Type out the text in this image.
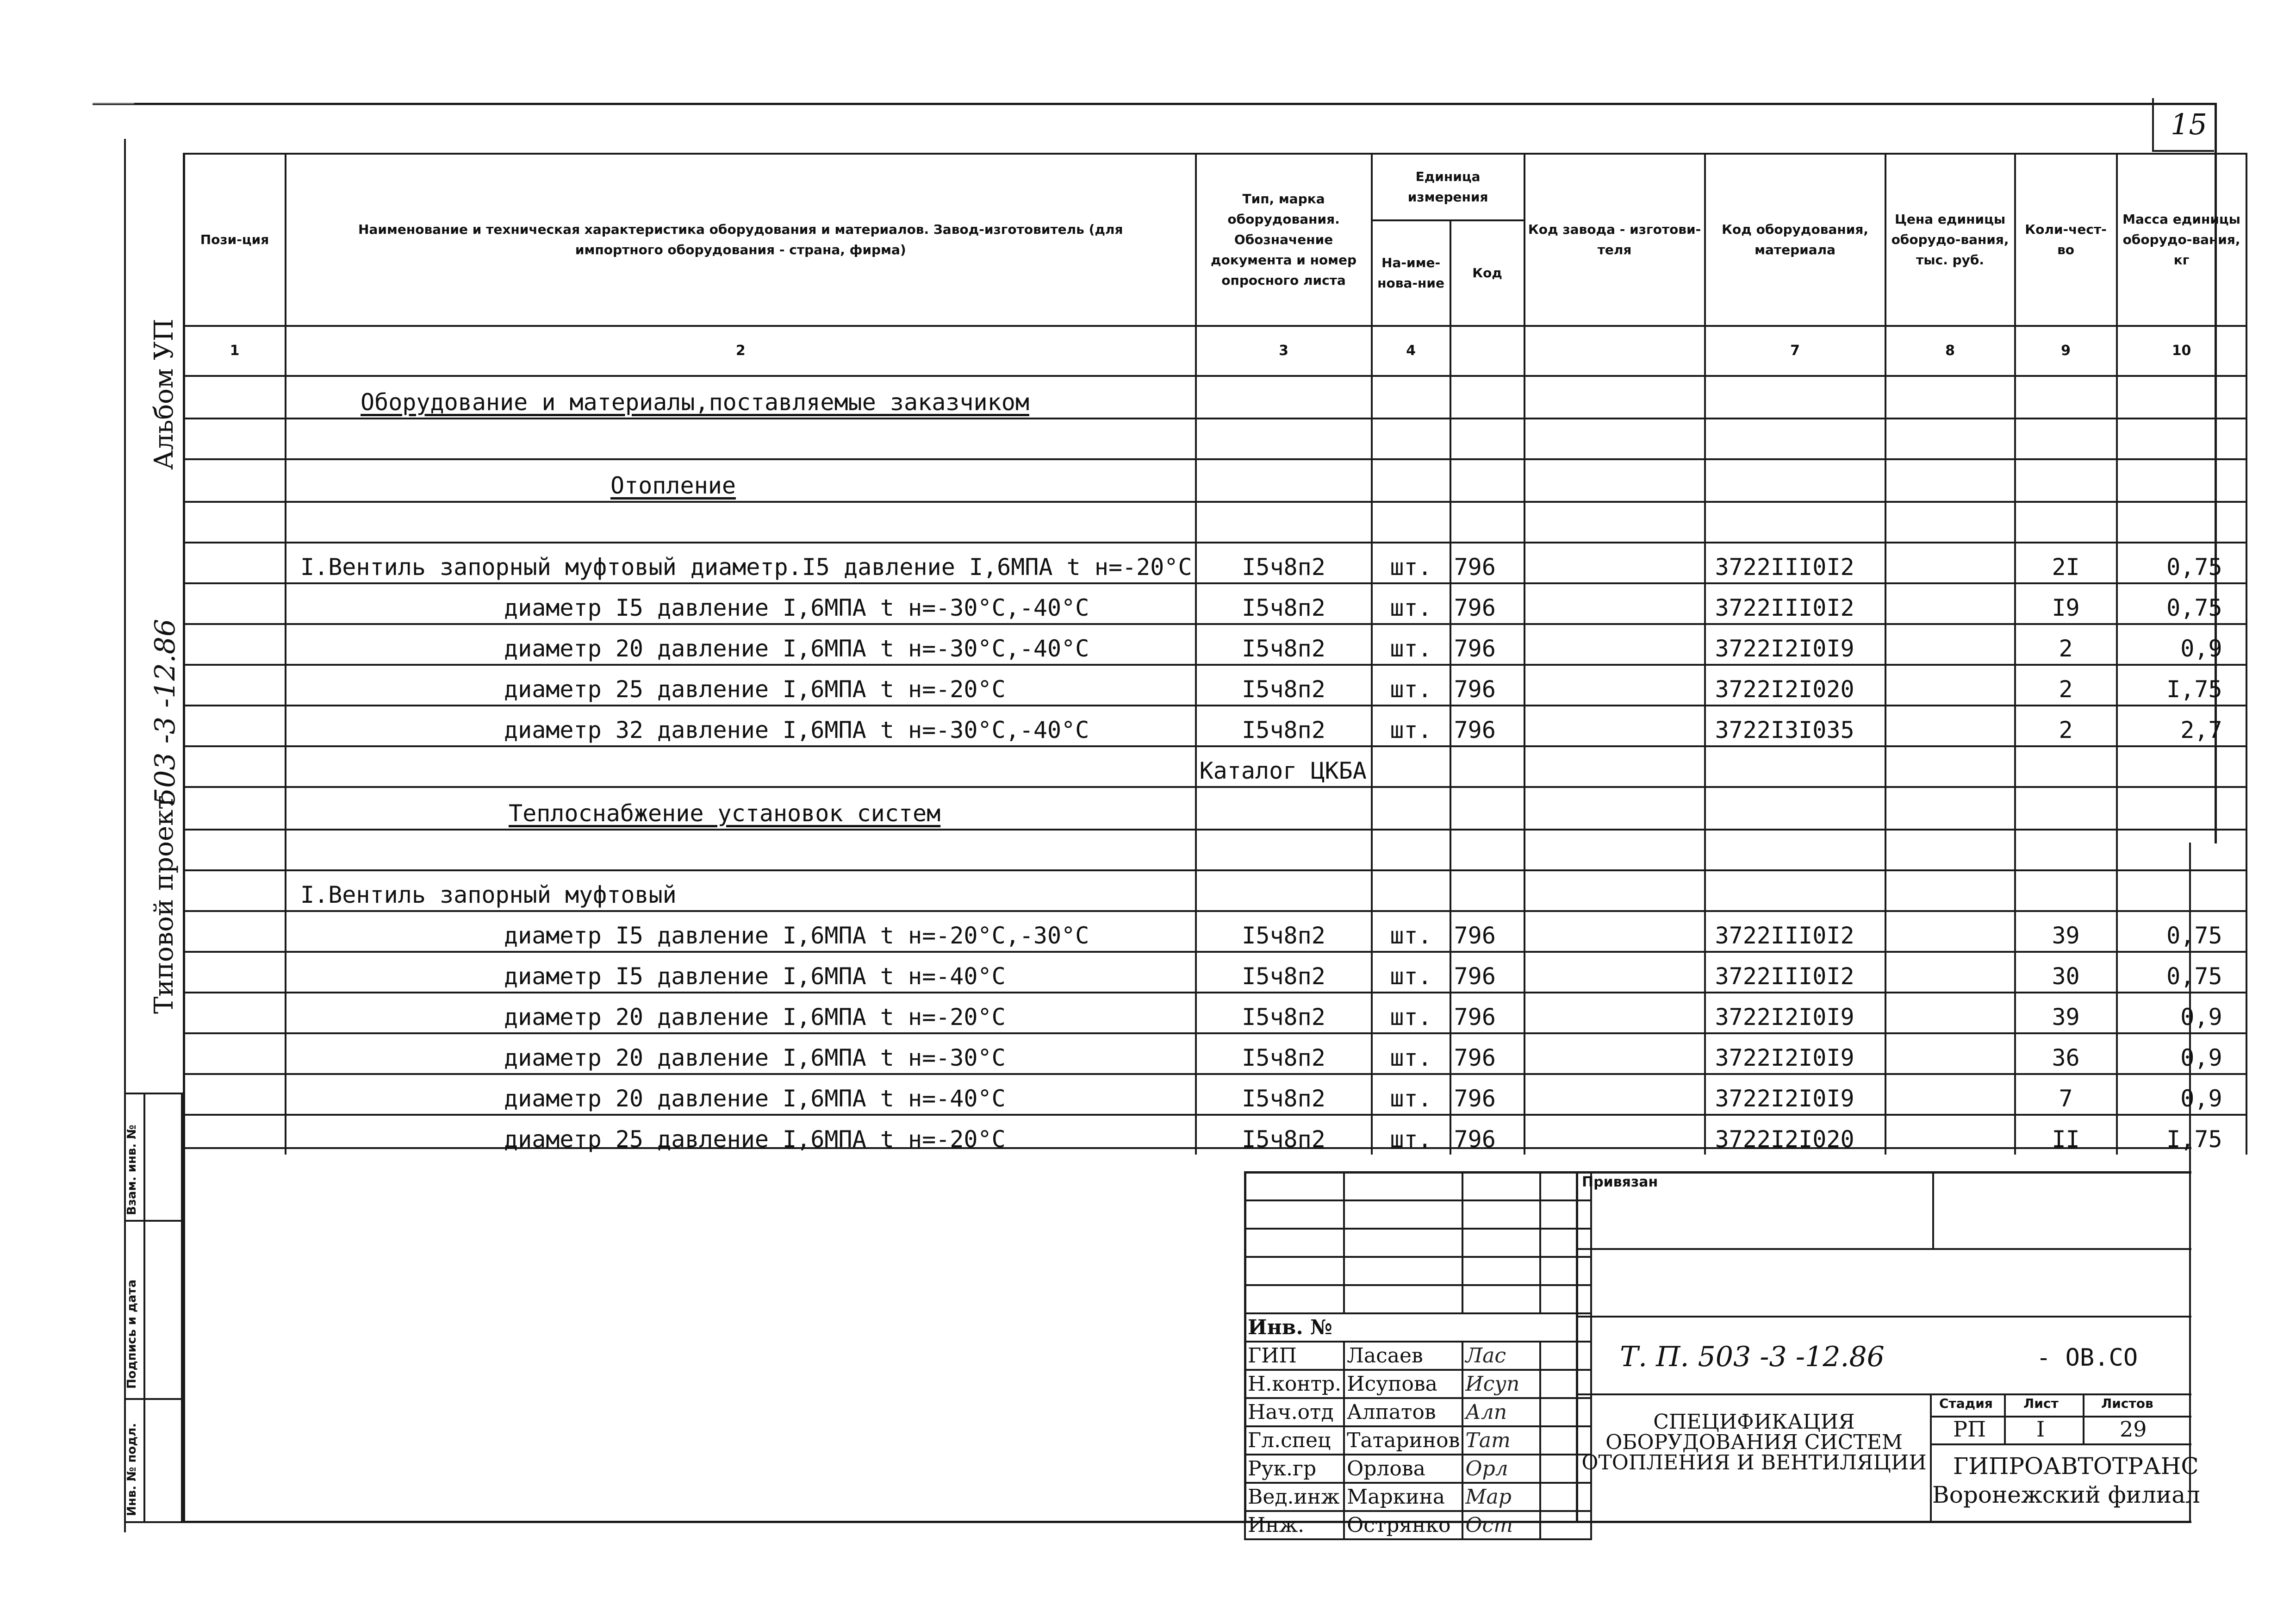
15
Альбом УП
Типовой проект
503 -3 -12.86
Инв. № подл.
Подпись и дата
Взам. инв. №
Пози-ция	Наименование и техническая характеристика оборудования и материалов. Завод-изготовитель (для импортного оборудования - страна, фирма)	Тип, марка оборудования. Обозначение документа и номер опросного листа	Единица измерения		Код завода - изготови-теля	Код оборудования, материала	Цена единицы оборудо-вания, тыс. руб.	Коли-чест-во	Масса единицы оборудо-вания, кг
			На-име-нова-ние	Код					
1	2	3	4			7	8	9	10
	Оборудование и материалы,поставляемые заказчиком								

	Отопление								

	I.Вентиль запорный муфтовый диаметр.I5 давление I,6МПА t н=-20°С	I5ч8п2	шт.	796		3722III0I2		2I	0,75
	диаметр I5 давление I,6МПА t н=-30°С,-40°С	I5ч8п2	шт.	796		3722III0I2		I9	0,75
	диаметр 20 давление I,6МПА t н=-30°С,-40°С	I5ч8п2	шт.	796		3722I2I0I9		2	0,9
	диаметр 25 давление I,6МПА t н=-20°С	I5ч8п2	шт.	796		3722I2I020		2	I,75
	диаметр 32 давление I,6МПА t н=-30°С,-40°С	I5ч8п2	шт.	796		3722I3I035		2	2,7
		Каталог ЦКБА							
	Теплоснабжение установок систем								

	I.Вентиль запорный муфтовый								
	диаметр I5 давление I,6МПА t н=-20°С,-30°С	I5ч8п2	шт.	796		3722III0I2		39	0,75
	диаметр I5 давление I,6МПА t н=-40°С	I5ч8п2	шт.	796		3722III0I2		30	0,75
	диаметр 20 давление I,6МПА t н=-20°С	I5ч8п2	шт.	796		3722I2I0I9		39	0,9
	диаметр 20 давление I,6МПА t н=-30°С	I5ч8п2	шт.	796		3722I2I0I9		36	0,9
	диаметр 20 давление I,6МПА t н=-40°С	I5ч8п2	шт.	796		3722I2I0I9		7	0,9
	диаметр 25 давление I,6МПА t н=-20°С	I5ч8п2	шт.	796		3722I2I020		II	I,75

Инв. №			
ГИП	Ласаев	Лас	
Н.контр.	Исупова	Исуп	
Нач.отд	Алпатов	Алп	
Гл.спец	Татаринов	Тат	
Рук.гр	Орлова	Орл	
Вед.инж	Маркина	Мар	
Инж.	Острянко	Ост	
Привязан
Т. П. 503 -3 -12.86	- ОВ.СО
СПЕЦИФИКАЦИЯ ОБОРУДОВАНИЯ СИСТЕМ ОТОПЛЕНИЯ И ВЕНТИЛЯЦИИ
Стадия Лист	Листов
РП I	29
ГИПРОАВТОТРАНС
Воронежский филиал
